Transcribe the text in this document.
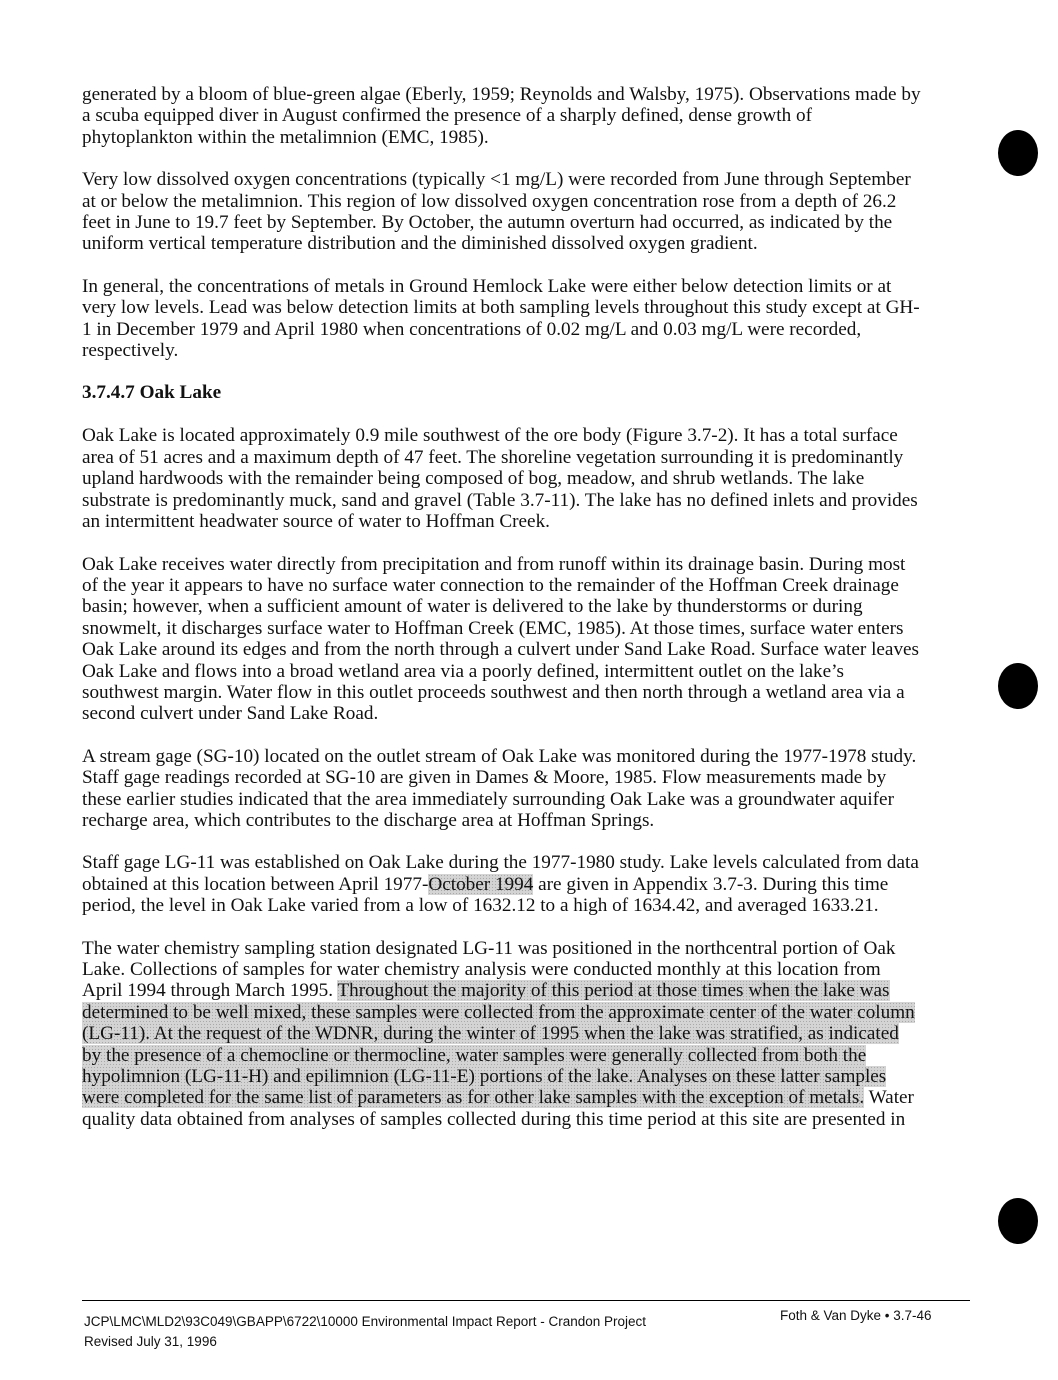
generated by a bloom of blue-green algae (Eberly, 1959; Reynolds and Walsby, 1975). Observations made by a scuba equipped diver in August confirmed the presence of a sharply defined, dense growth of phytoplankton within the metalimnion (EMC, 1985).

Very low dissolved oxygen concentrations (typically <1 mg/L) were recorded from June through September at or below the metalimnion. This region of low dissolved oxygen concentration rose from a depth of 26.2 feet in June to 19.7 feet by September. By October, the autumn overturn had occurred, as indicated by the uniform vertical temperature distribution and the diminished dissolved oxygen gradient.

In general, the concentrations of metals in Ground Hemlock Lake were either below detection limits or at very low levels. Lead was below detection limits at both sampling levels throughout this study except at GH-1 in December 1979 and April 1980 when concentrations of 0.02 mg/L and 0.03 mg/L were recorded, respectively.

3.7.4.7 Oak Lake

Oak Lake is located approximately 0.9 mile southwest of the ore body (Figure 3.7-2). It has a total surface area of 51 acres and a maximum depth of 47 feet. The shoreline vegetation surrounding it is predominantly upland hardwoods with the remainder being composed of bog, meadow, and shrub wetlands. The lake substrate is predominantly muck, sand and gravel (Table 3.7-11). The lake has no defined inlets and provides an intermittent headwater source of water to Hoffman Creek.

Oak Lake receives water directly from precipitation and from runoff within its drainage basin. During most of the year it appears to have no surface water connection to the remainder of the Hoffman Creek drainage basin; however, when a sufficient amount of water is delivered to the lake by thunderstorms or during snowmelt, it discharges surface water to Hoffman Creek (EMC, 1985). At those times, surface water enters Oak Lake around its edges and from the north through a culvert under Sand Lake Road. Surface water leaves Oak Lake and flows into a broad wetland area via a poorly defined, intermittent outlet on the lake’s southwest margin. Water flow in this outlet proceeds southwest and then north through a wetland area via a second culvert under Sand Lake Road.

A stream gage (SG-10) located on the outlet stream of Oak Lake was monitored during the 1977-1978 study. Staff gage readings recorded at SG-10 are given in Dames & Moore, 1985. Flow measurements made by these earlier studies indicated that the area immediately surrounding Oak Lake was a groundwater aquifer recharge area, which contributes to the discharge area at Hoffman Springs.

Staff gage LG-11 was established on Oak Lake during the 1977-1980 study. Lake levels calculated from data obtained at this location between April 1977-October 1994 are given in Appendix 3.7-3. During this time period, the level in Oak Lake varied from a low of 1632.12 to a high of 1634.42, and averaged 1633.21.

The water chemistry sampling station designated LG-11 was positioned in the northcentral portion of Oak Lake. Collections of samples for water chemistry analysis were conducted monthly at this location from April 1994 through March 1995. Throughout the majority of this period at those times when the lake was determined to be well mixed, these samples were collected from the approximate center of the water column (LG-11). At the request of the WDNR, during the winter of 1995 when the lake was stratified, as indicated by the presence of a chemocline or thermocline, water samples were generally collected from both the hypolimnion (LG-11-H) and epilimnion (LG-11-E) portions of the lake. Analyses on these latter samples were completed for the same list of parameters as for other lake samples with the exception of metals. Water quality data obtained from analyses of samples collected during this time period at this site are presented in

JCP\LMC\MLD2\93C049\GBAPP\6722\10000 Environmental Impact Report - Crandon Project
Revised July 31, 1996
Foth & Van Dyke • 3.7-46
